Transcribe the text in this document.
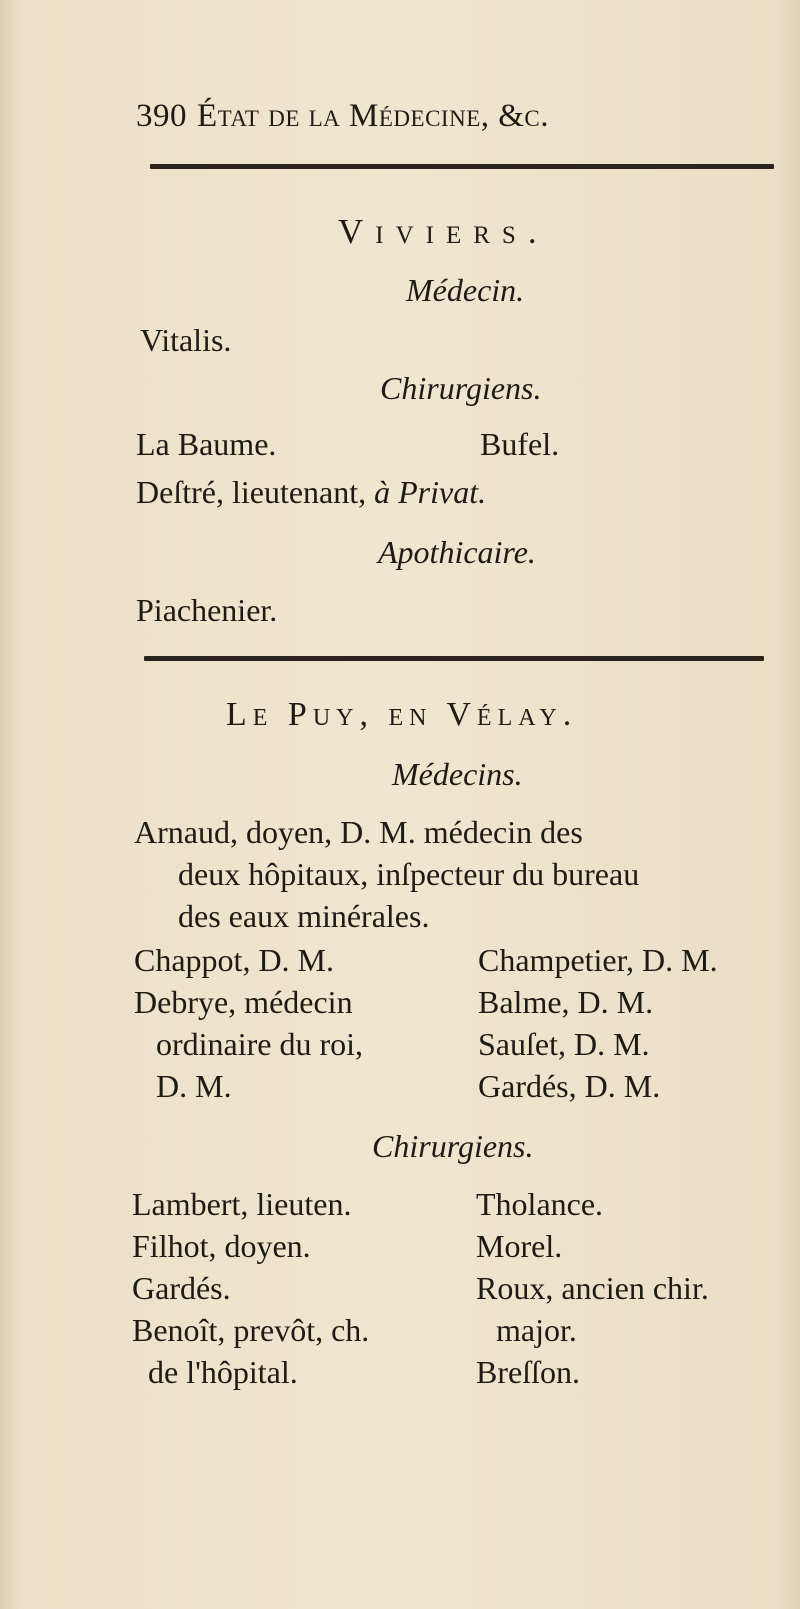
390 État de la Médecine, &c.
Viviers.
Médecin.
Vitalis.
Chirurgiens.
La Baume.	Bufel.
Deſtré, lieutenant, à Privat.
Apothicaire.
Piachenier.
Le Puy, en Vélay.
Médecins.
Arnaud, doyen, D. M. médecin des
deux hôpitaux, inſpecteur du bureau
des eaux minérales.
Chappot, D. M.
Debrye, médecin
ordinaire du roi,
D. M.
Champetier, D. M.
Balme, D. M.
Sauſet, D. M.
Gardés, D. M.
Chirurgiens.
Lambert, lieuten.
Filhot, doyen.
Gardés.
Benoît, prevôt, ch.
de l'hôpital.
Tholance.
Morel.
Roux, ancien chir.
major.
Breſſon.
